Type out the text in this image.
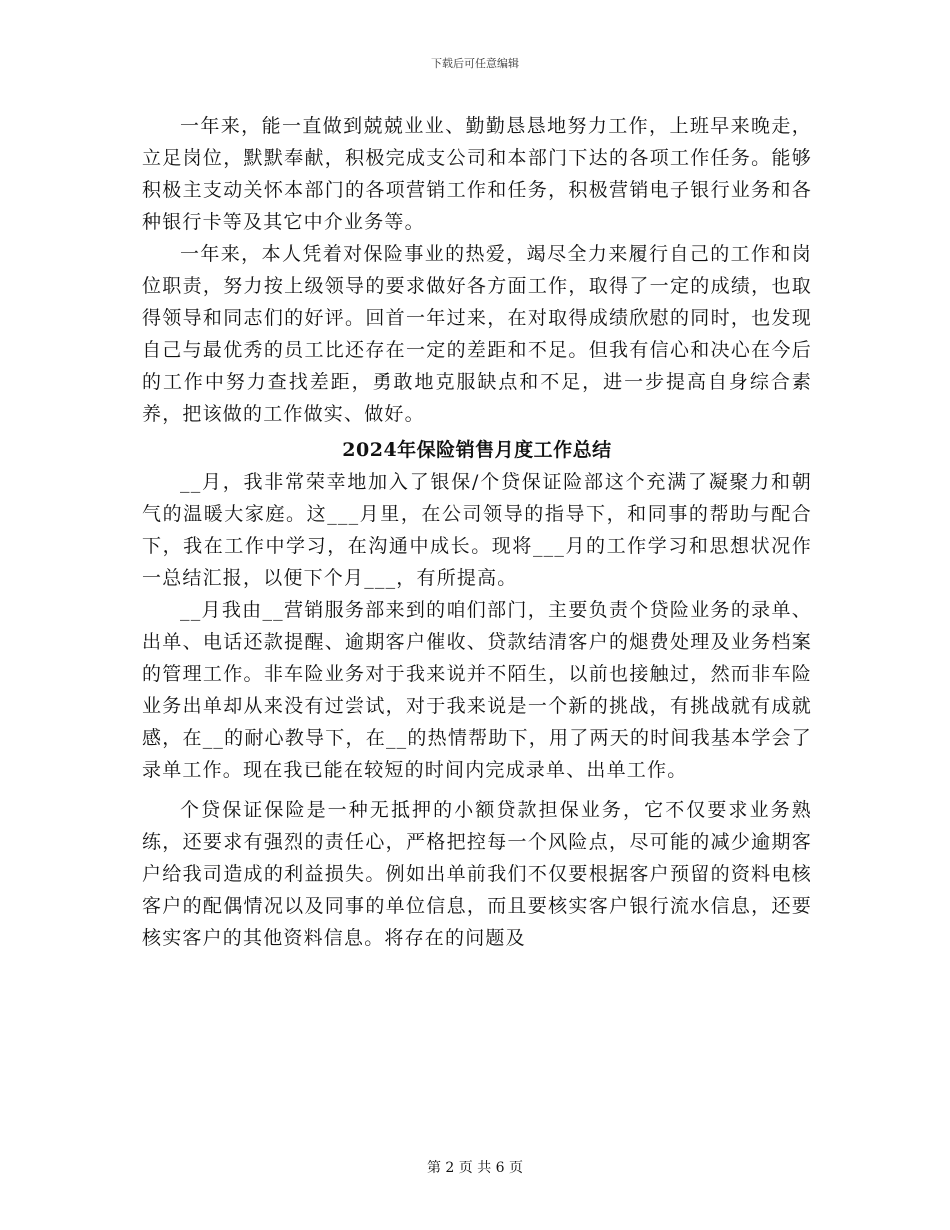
下载后可任意编辑

一年来，能一直做到兢兢业业、勤勤恳恳地努力工作，上班早来晚走，立足岗位，默默奉献，积极完成支公司和本部门下达的各项工作任务。能够积极主支动关怀本部门的各项营销工作和任务，积极营销电子银行业务和各种银行卡等及其它中介业务等。

一年来，本人凭着对保险事业的热爱，竭尽全力来履行自己的工作和岗位职责，努力按上级领导的要求做好各方面工作，取得了一定的成绩，也取得领导和同志们的好评。回首一年过来，在对取得成绩欣慰的同时，也发现自己与最优秀的员工比还存在一定的差距和不足。但我有信心和决心在今后的工作中努力查找差距，勇敢地克服缺点和不足，进一步提高自身综合素养，把该做的工作做实、做好。

2024年保险销售月度工作总结

__月，我非常荣幸地加入了银保/个贷保证险部这个充满了凝聚力和朝气的温暖大家庭。这___月里，在公司领导的指导下，和同事的帮助与配合下，我在工作中学习，在沟通中成长。现将___月的工作学习和思想状况作一总结汇报，以便下个月___，有所提高。

__月我由__营销服务部来到的咱们部门，主要负责个贷险业务的录单、出单、电话还款提醒、逾期客户催收、贷款结清客户的煺费处理及业务档案的管理工作。非车险业务对于我来说并不陌生，以前也接触过，然而非车险业务出单却从来没有过尝试，对于我来说是一个新的挑战，有挑战就有成就感，在__的耐心教导下，在__的热情帮助下，用了两天的时间我基本学会了录单工作。现在我已能在较短的时间内完成录单、出单工作。

个贷保证保险是一种无抵押的小额贷款担保业务，它不仅要求业务熟练，还要求有强烈的责任心，严格把控每一个风险点，尽可能的减少逾期客户给我司造成的利益损失。例如出单前我们不仅要根据客户预留的资料电核客户的配偶情况以及同事的单位信息，而且要核实客户银行流水信息，还要核实客户的其他资料信息。将存在的问题及

第 2 页 共 6 页
